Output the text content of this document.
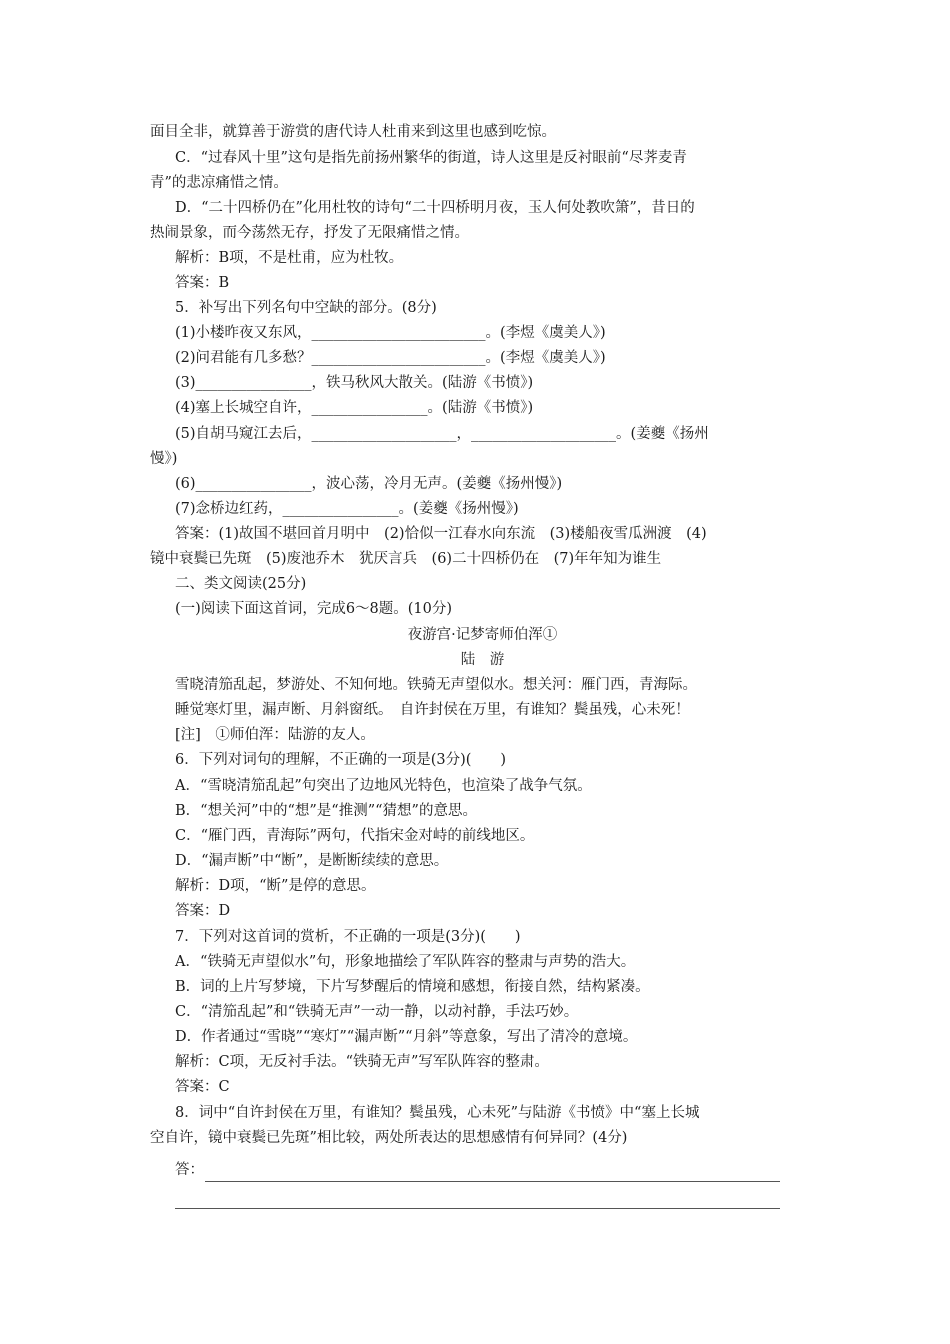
面目全非，就算善于游赏的唐代诗人杜甫来到这里也感到吃惊。
C．“过春风十里”这句是指先前扬州繁华的街道，诗人这里是反衬眼前“尽荠麦青
青”的悲凉痛惜之情。
D．“二十四桥仍在”化用杜牧的诗句“二十四桥明月夜，玉人何处教吹箫”，昔日的
热闹景象，而今荡然无存，抒发了无限痛惜之情。
解析：B项，不是杜甫，应为杜牧。
答案：B
5．补写出下列名句中空缺的部分。(8分)
(1)小楼昨夜又东风，________________________。(李煜《虞美人》)
(2)问君能有几多愁？________________________。(李煜《虞美人》)
(3)________________，铁马秋风大散关。(陆游《书愤》)
(4)塞上长城空自许，________________。(陆游《书愤》)
(5)自胡马窥江去后，____________________，____________________。(姜夔《扬州
慢》)
(6)________________，波心荡，冷月无声。(姜夔《扬州慢》)
(7)念桥边红药，________________。(姜夔《扬州慢》)
答案：(1)故国不堪回首月明中　(2)恰似一江春水向东流　(3)楼船夜雪瓜洲渡　(4)
镜中衰鬓已先斑　(5)废池乔木　犹厌言兵　(6)二十四桥仍在　(7)年年知为谁生
二、类文阅读(25分)
(一)阅读下面这首词，完成6～8题。(10分)
夜游宫·记梦寄师伯浑①
陆　游
雪晓清笳乱起，梦游处、不知何地。铁骑无声望似水。想关河：雁门西，青海际。
睡觉寒灯里，漏声断、月斜窗纸。　自许封侯在万里，有谁知？鬓虽残，心未死！
[注]　①师伯浑：陆游的友人。
6．下列对词句的理解，不正确的一项是(3分)(　　)
A．“雪晓清笳乱起”句突出了边地风光特色，也渲染了战争气氛。
B．“想关河”中的“想”是“推测”“猜想”的意思。
C．“雁门西，青海际”两句，代指宋金对峙的前线地区。
D．“漏声断”中“断”，是断断续续的意思。
解析：D项，“断”是停的意思。
答案：D
7．下列对这首词的赏析，不正确的一项是(3分)(　　)
A．“铁骑无声望似水”句，形象地描绘了军队阵容的整肃与声势的浩大。
B．词的上片写梦境，下片写梦醒后的情境和感想，衔接自然，结构紧凑。
C．“清笳乱起”和“铁骑无声”一动一静，以动衬静，手法巧妙。
D．作者通过“雪晓”“寒灯”“漏声断”“月斜”等意象，写出了清冷的意境。
解析：C项，无反衬手法。“铁骑无声”写军队阵容的整肃。
答案：C
8．词中“自许封侯在万里，有谁知？鬓虽残，心未死”与陆游《书愤》中“塞上长城
空自许，镜中衰鬓已先斑”相比较，两处所表达的思想感情有何异同？(4分)
答：
